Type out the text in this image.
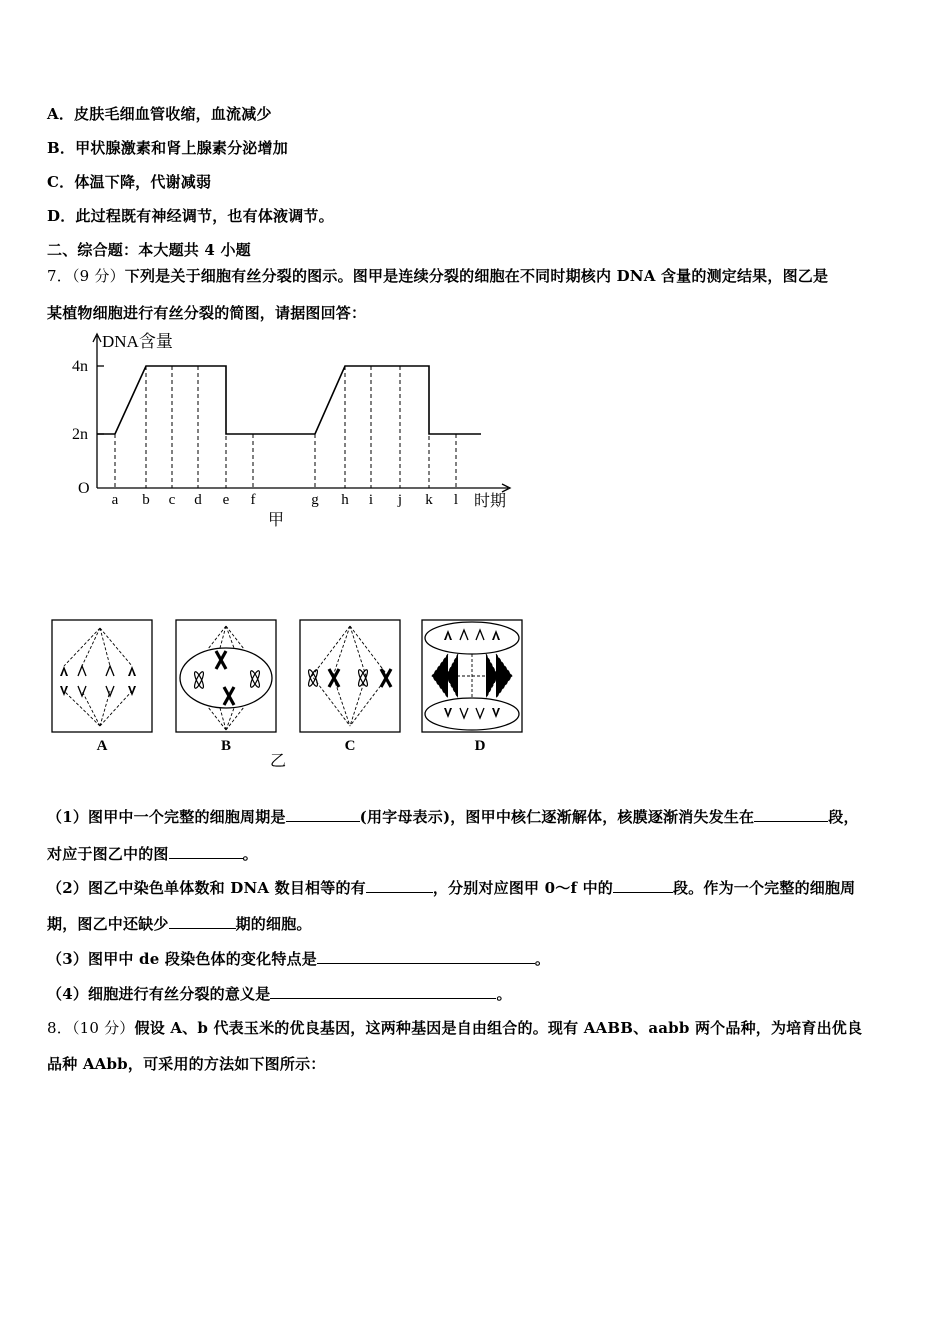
A．皮肤毛细血管收缩，血流减少
B．甲状腺激素和肾上腺素分泌增加
C．体温下降，代谢减弱
D．此过程既有神经调节，也有体液调节。
二、综合题：本大题共 4 小题
7．（9 分）下列是关于细胞有丝分裂的图示。图甲是连续分裂的细胞在不同时期核内 DNA 含量的测定结果，图乙是
某植物细胞进行有丝分裂的简图，请据图回答：
DNA含量
4n
2n
O
a b c d e f	g h i j k l 时期
甲
A	B	C	D
乙
（1）图甲中一个完整的细胞周期是	(用字母表示)，图甲中核仁逐渐解体，核膜逐渐消失发生在	段，
对应于图乙中的图	。
（2）图乙中染色单体数和 DNA 数目相等的有	，分别对应图甲 0～f 中的	段。作为一个完整的细胞周
期，图乙中还缺少	期的细胞。
（3）图甲中 de 段染色体的变化特点是	。
（4）细胞进行有丝分裂的意义是	。
8．（10 分）假设 A、b 代表玉米的优良基因，这两种基因是自由组合的。现有 AABB、aabb 两个品种，为培育出优良
品种 AAbb，可采用的方法如下图所示：
